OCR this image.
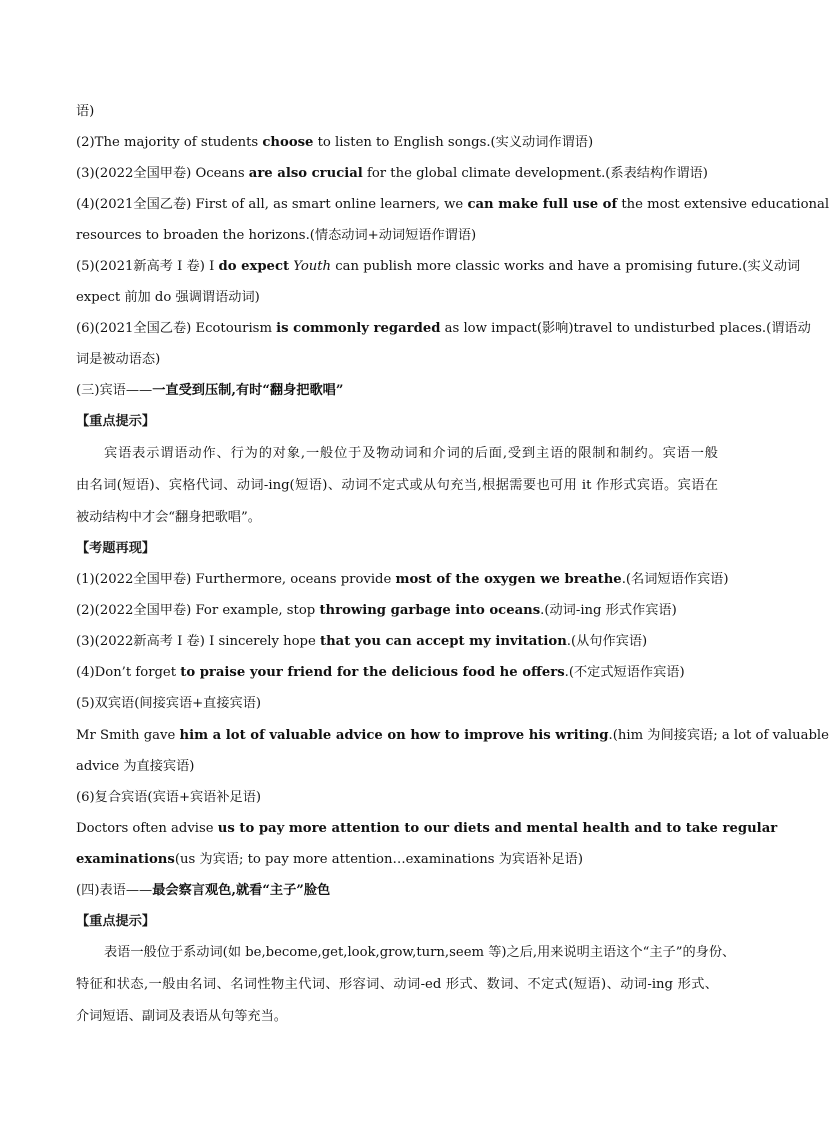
语)
(2)The majority of students choose to listen to English songs.(实义动词作谓语)
(3)(2022全国甲卷) Oceans are also crucial for the global climate development.(系表结构作谓语)
(4)(2021全国乙卷) First of all, as smart online learners, we can make full use of the most extensive educational
resources to broaden the horizons.(情态动词+动词短语作谓语)
(5)(2021新高考 Ⅰ 卷) I do expect Youth can publish more classic works and have a promising future.(实义动词
expect 前加 do 强调谓语动词)
(6)(2021全国乙卷) Ecotourism is commonly regarded as low impact(影响)travel to undisturbed places.(谓语动
词是被动语态)
(三)宾语——一直受到压制,有时“翻身把歌唱”
【重点提示】
宾语表示谓语动作、行为的对象,一般位于及物动词和介词的后面,受到主语的限制和制约。宾语一般
由名词(短语)、宾格代词、动词-ing(短语)、动词不定式或从句充当,根据需要也可用 it 作形式宾语。宾语在
被动结构中才会“翻身把歌唱”。
【考题再现】
(1)(2022全国甲卷) Furthermore, oceans provide most of the oxygen we breathe.(名词短语作宾语)
(2)(2022全国甲卷) For example, stop throwing garbage into oceans.(动词-ing 形式作宾语)
(3)(2022新高考 Ⅰ 卷) I sincerely hope that you can accept my invitation.(从句作宾语)
(4)Don’t forget to praise your friend for the delicious food he offers.(不定式短语作宾语)
(5)双宾语(间接宾语+直接宾语)
Mr Smith gave him a lot of valuable advice on how to improve his writing.(him 为间接宾语; a lot of valuable
advice 为直接宾语)
(6)复合宾语(宾语+宾语补足语)
Doctors often advise us to pay more attention to our diets and mental health and to take regular
examinations(us 为宾语; to pay more attention…examinations 为宾语补足语)
(四)表语——最会察言观色,就看“主子”脸色
【重点提示】
表语一般位于系动词(如 be,become,get,look,grow,turn,seem 等)之后,用来说明主语这个“主子”的身份、
特征和状态,一般由名词、名词性物主代词、形容词、动词-ed 形式、数词、不定式(短语)、动词-ing 形式、
介词短语、副词及表语从句等充当。
